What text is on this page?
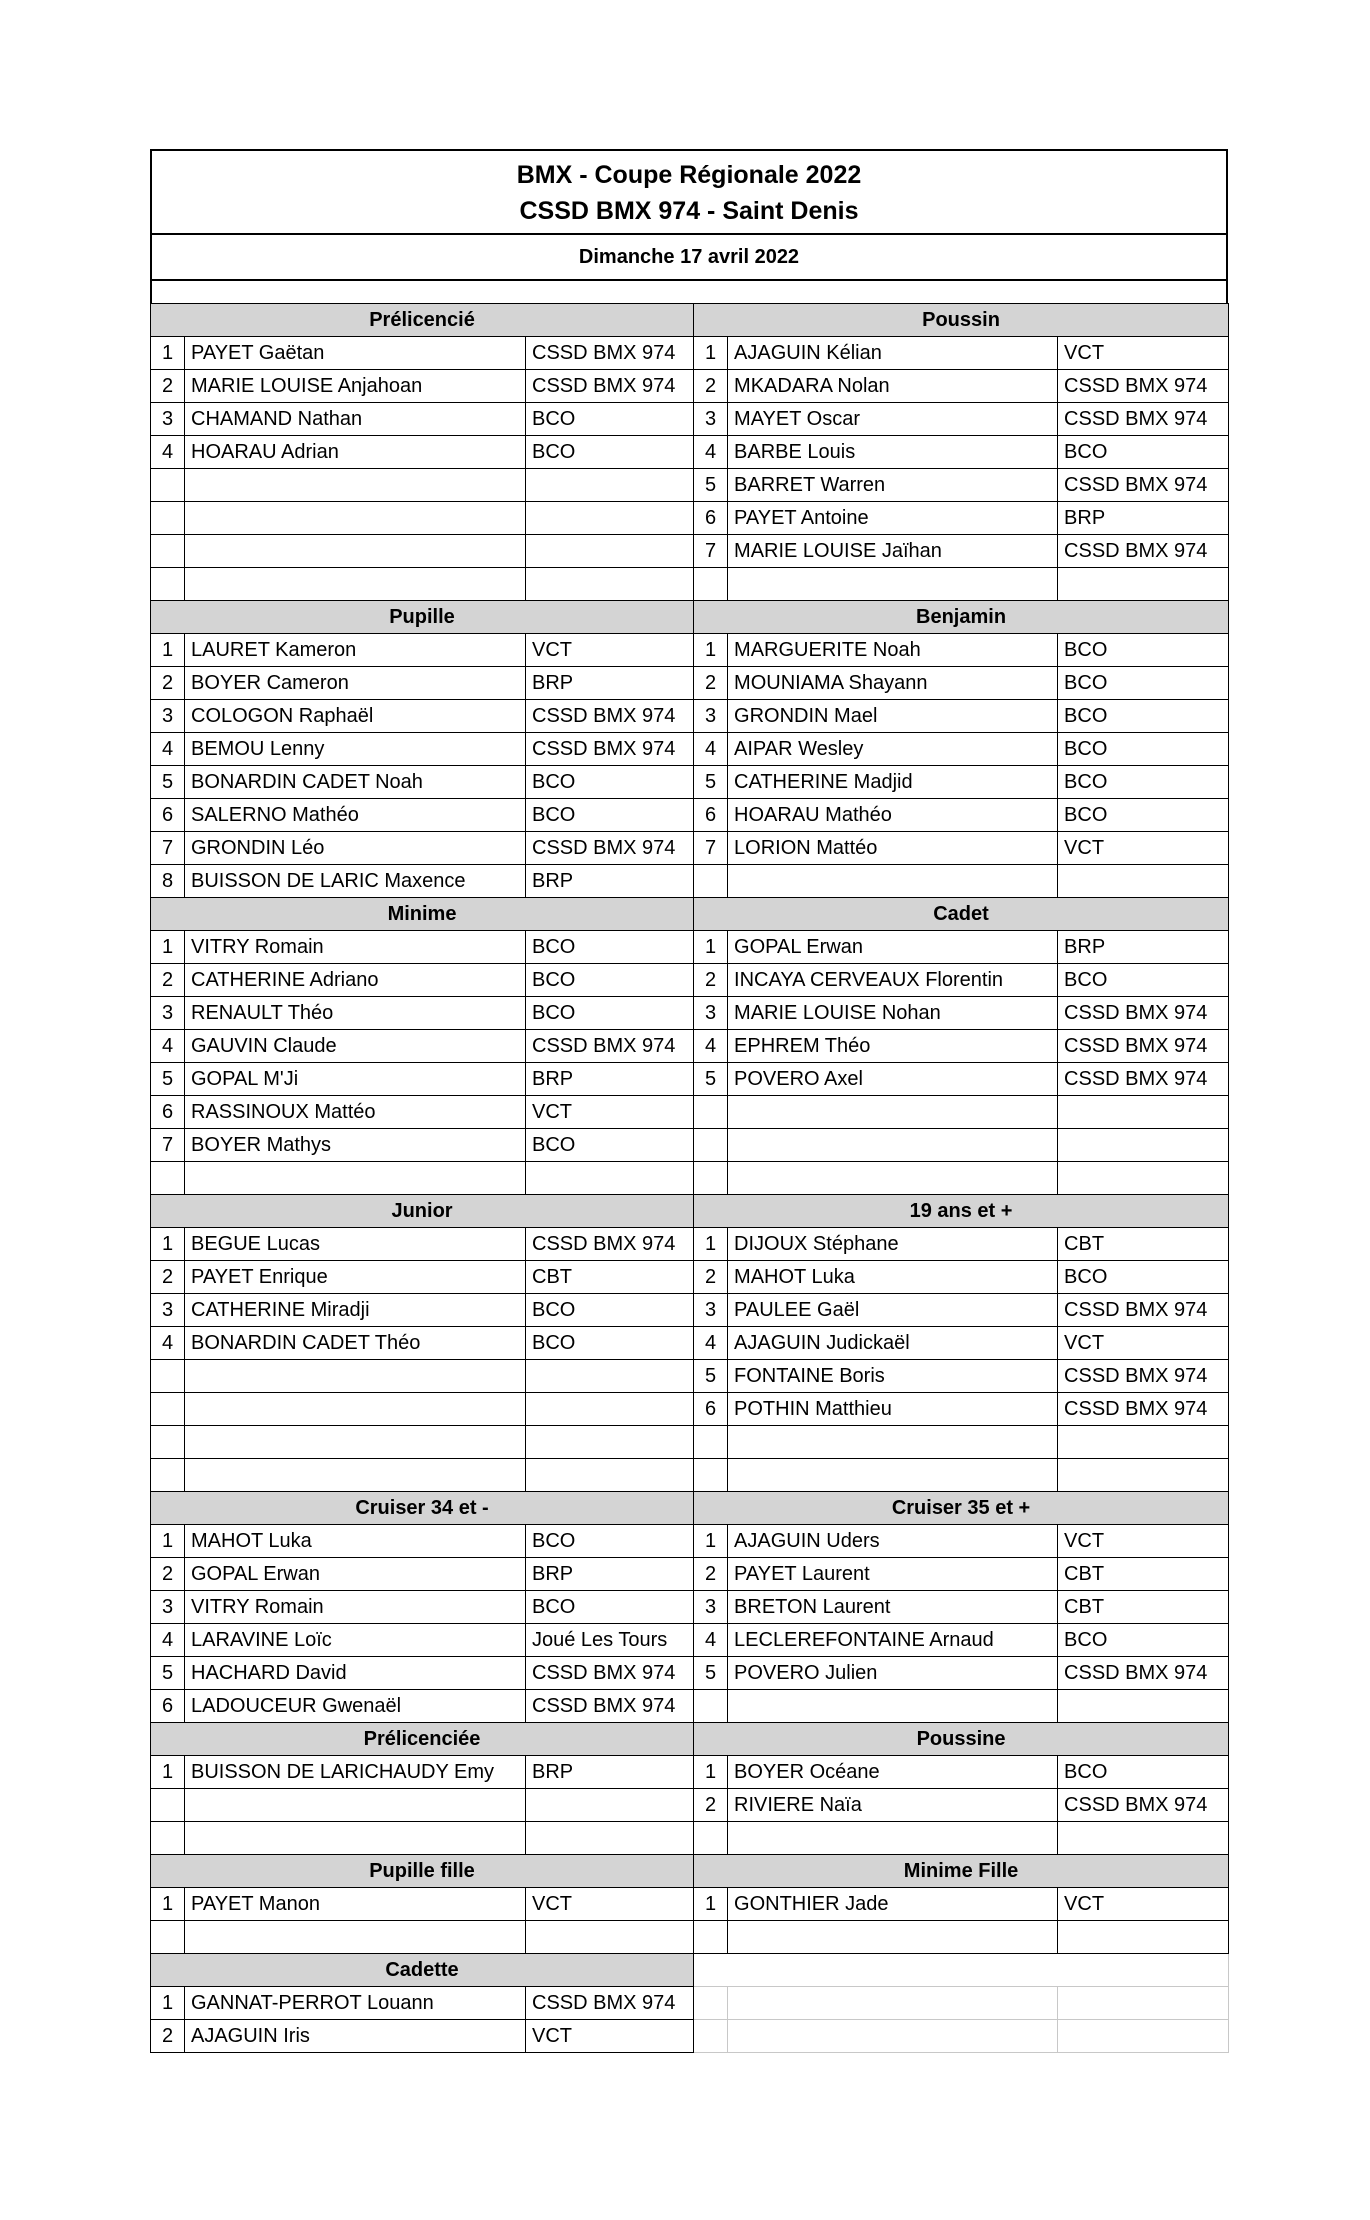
BMX - Coupe Régionale 2022
CSSD BMX 974 - Saint Denis
Dimanche 17 avril 2022
Prélicencié			Poussin		
1	PAYET Gaëtan	CSSD BMX 974	1	AJAGUIN Kélian	VCT
2	MARIE LOUISE Anjahoan	CSSD BMX 974	2	MKADARA Nolan	CSSD BMX 974
3	CHAMAND Nathan	BCO	3	MAYET Oscar	CSSD BMX 974
4	HOARAU Adrian	BCO	4	BARBE Louis	BCO
			5	BARRET Warren	CSSD BMX 974
			6	PAYET Antoine	BRP
			7	MARIE LOUISE Jaïhan	CSSD BMX 974

Pupille			Benjamin		
1	LAURET Kameron	VCT	1	MARGUERITE Noah	BCO
2	BOYER Cameron	BRP	2	MOUNIAMA Shayann	BCO
3	COLOGON Raphaël	CSSD BMX 974	3	GRONDIN Mael	BCO
4	BEMOU Lenny	CSSD BMX 974	4	AIPAR Wesley	BCO
5	BONARDIN CADET Noah	BCO	5	CATHERINE Madjid	BCO
6	SALERNO Mathéo	BCO	6	HOARAU Mathéo	BCO
7	GRONDIN Léo	CSSD BMX 974	7	LORION Mattéo	VCT
8	BUISSON DE LARIC Maxence	BRP			
Minime			Cadet		
1	VITRY Romain	BCO	1	GOPAL Erwan	BRP
2	CATHERINE Adriano	BCO	2	INCAYA CERVEAUX Florentin	BCO
3	RENAULT Théo	BCO	3	MARIE LOUISE Nohan	CSSD BMX 974
4	GAUVIN Claude	CSSD BMX 974	4	EPHREM Théo	CSSD BMX 974
5	GOPAL M'Ji	BRP	5	POVERO Axel	CSSD BMX 974
6	RASSINOUX Mattéo	VCT			
7	BOYER Mathys	BCO			

Junior			19 ans et +		
1	BEGUE Lucas	CSSD BMX 974	1	DIJOUX Stéphane	CBT
2	PAYET Enrique	CBT	2	MAHOT Luka	BCO
3	CATHERINE Miradji	BCO	3	PAULEE Gaël	CSSD BMX 974
4	BONARDIN CADET Théo	BCO	4	AJAGUIN Judickaël	VCT
			5	FONTAINE Boris	CSSD BMX 974
			6	POTHIN Matthieu	CSSD BMX 974

Cruiser 34 et -			Cruiser 35 et +		
1	MAHOT Luka	BCO	1	AJAGUIN Uders	VCT
2	GOPAL Erwan	BRP	2	PAYET Laurent	CBT
3	VITRY Romain	BCO	3	BRETON Laurent	CBT
4	LARAVINE Loïc	Joué Les Tours	4	LECLEREFONTAINE Arnaud	BCO
5	HACHARD David	CSSD BMX 974	5	POVERO Julien	CSSD BMX 974
6	LADOUCEUR Gwenaël	CSSD BMX 974			
Prélicenciée			Poussine		
1	BUISSON DE LARICHAUDY Emy	BRP	1	BOYER Océane	BCO
			2	RIVIERE Naïa	CSSD BMX 974

Pupille fille			Minime Fille		
1	PAYET Manon	VCT	1	GONTHIER Jade	VCT

Cadette					
1	GANNAT-PERROT Louann	CSSD BMX 974			
2	AJAGUIN Iris	VCT			
